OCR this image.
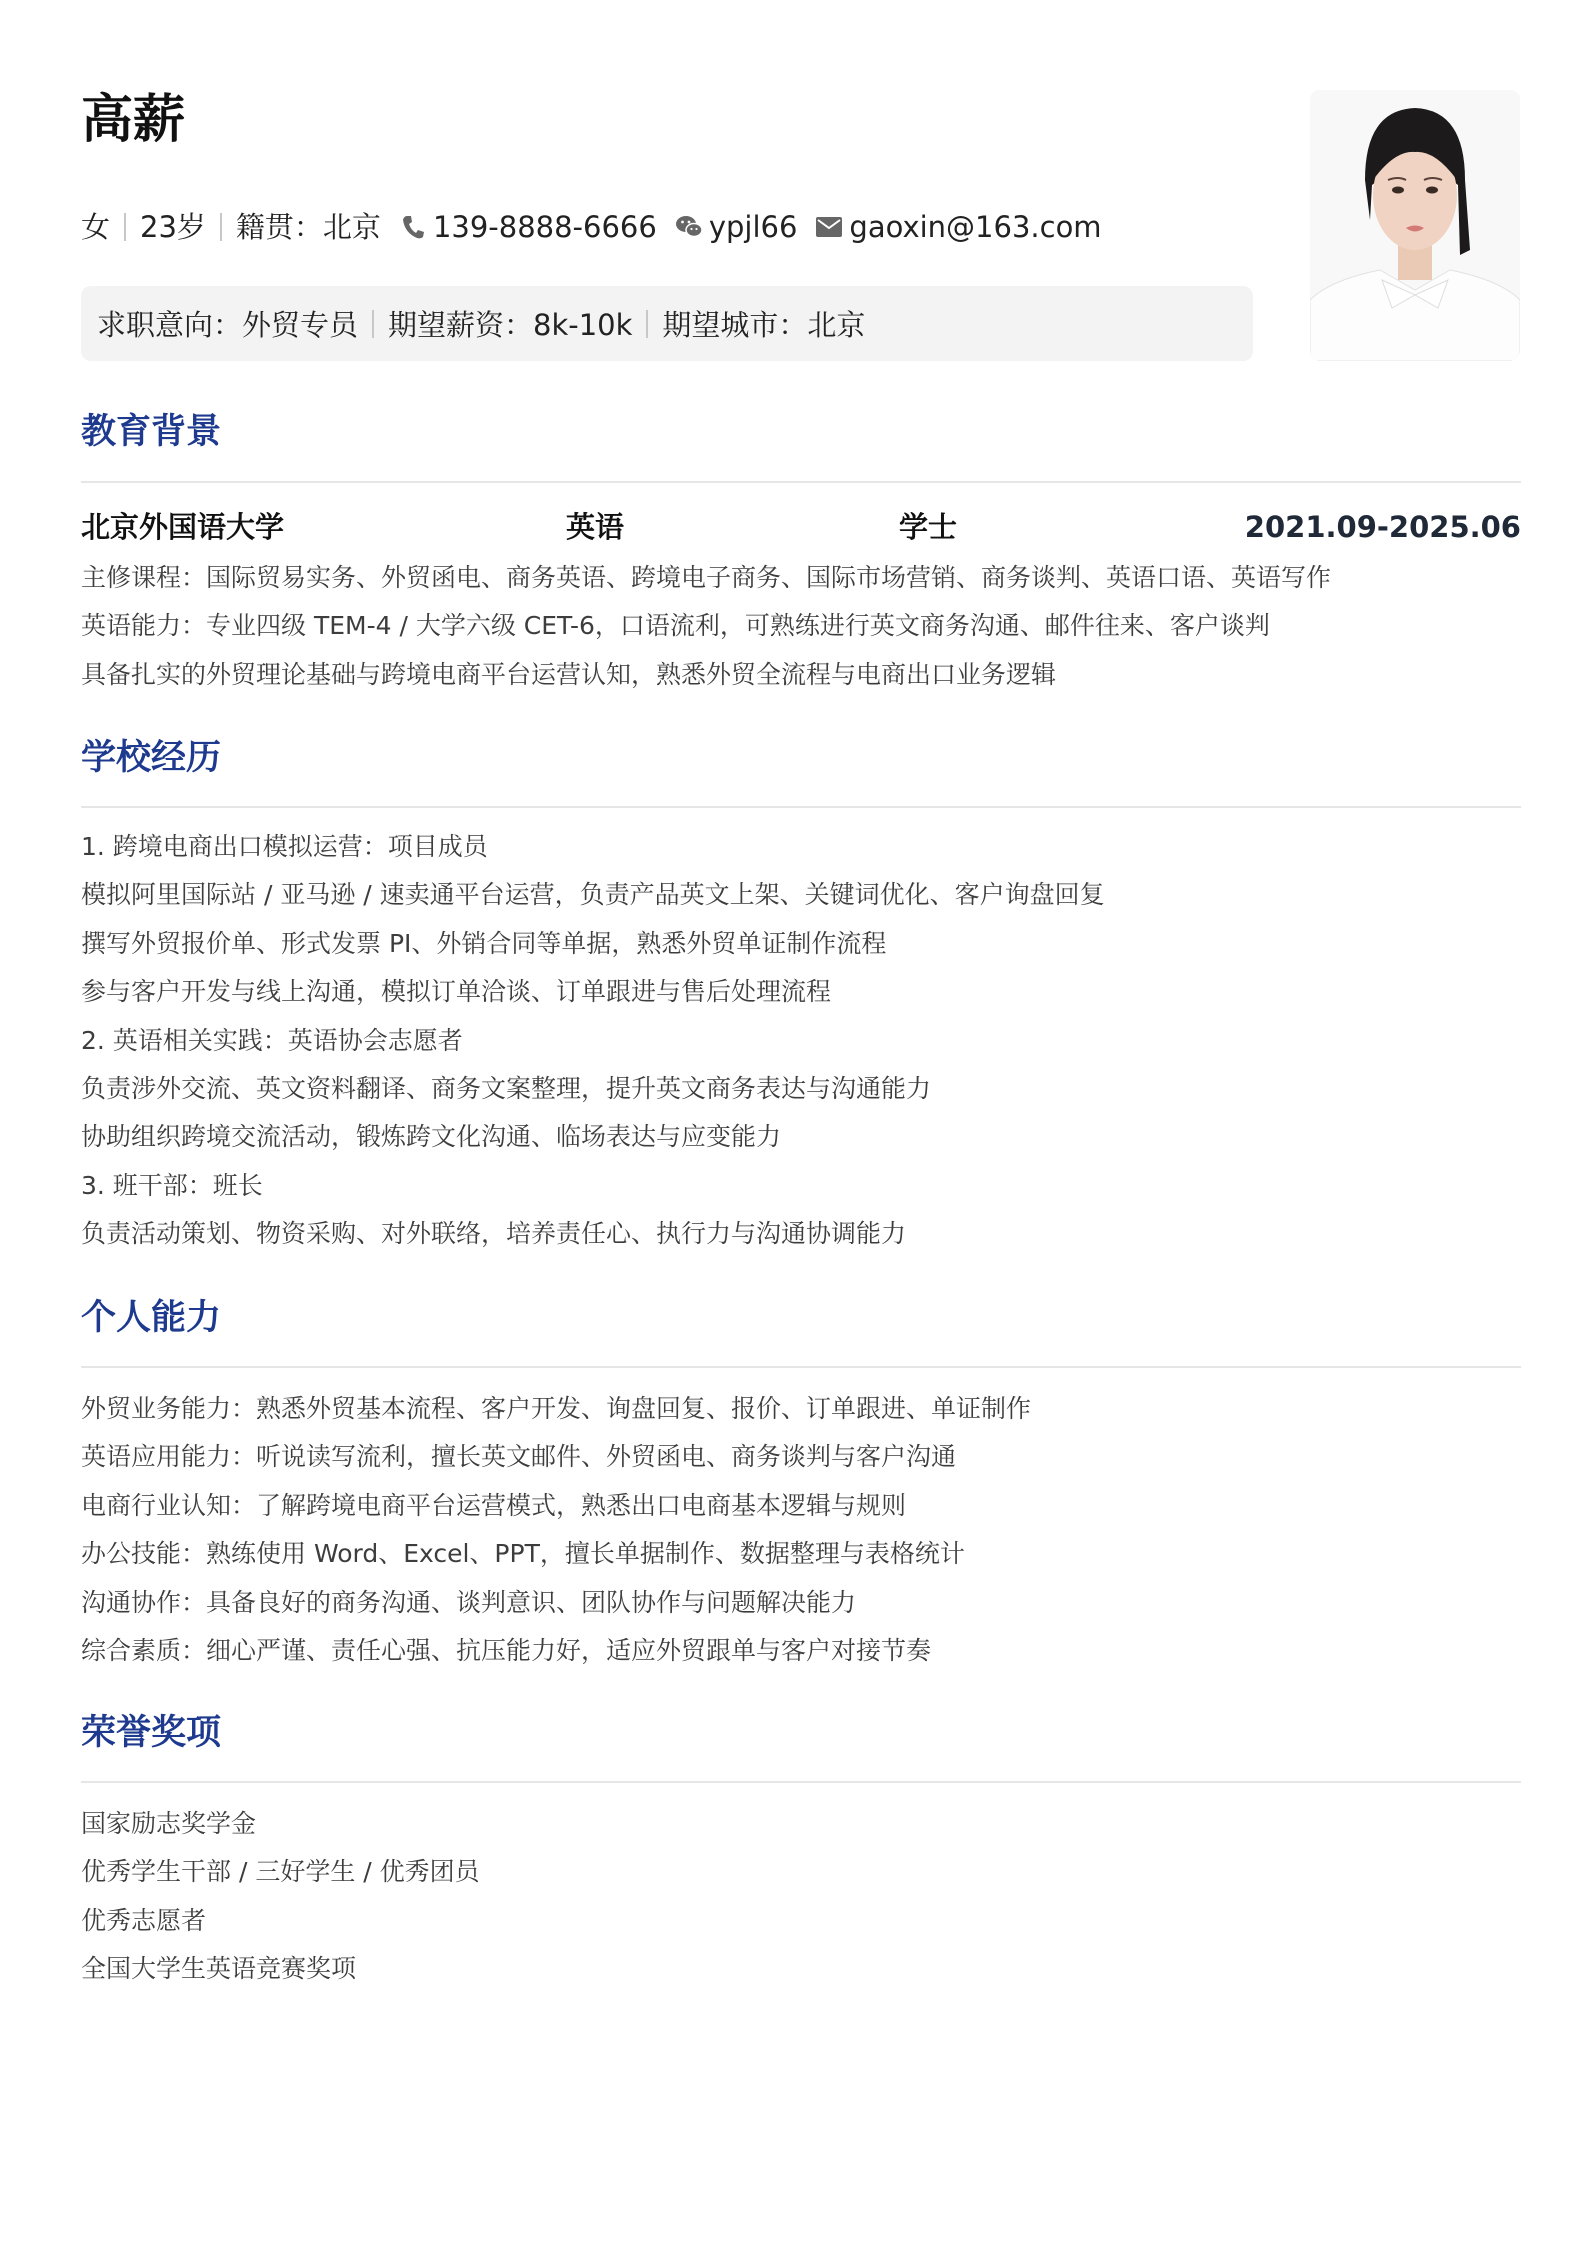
高薪
女 23岁 籍贯：北京 139-8888-6666 ypjl66 gaoxin@163.com
求职意向：外贸专员 期望薪资：8k-10k 期望城市：北京
教育背景
北京外国语大学	英语	学士	2021.09-2025.06
主修课程：国际贸易实务、外贸函电、商务英语、跨境电子商务、国际市场营销、商务谈判、英语口语、英语写作
英语能力：专业四级 TEM-4 / 大学六级 CET-6，口语流利，可熟练进行英文商务沟通、邮件往来、客户谈判
具备扎实的外贸理论基础与跨境电商平台运营认知，熟悉外贸全流程与电商出口业务逻辑
学校经历
1. 跨境电商出口模拟运营：项目成员
模拟阿里国际站 / 亚马逊 / 速卖通平台运营，负责产品英文上架、关键词优化、客户询盘回复
撰写外贸报价单、形式发票 PI、外销合同等单据，熟悉外贸单证制作流程
参与客户开发与线上沟通，模拟订单洽谈、订单跟进与售后处理流程
2. 英语相关实践：英语协会志愿者
负责涉外交流、英文资料翻译、商务文案整理，提升英文商务表达与沟通能力
协助组织跨境交流活动，锻炼跨文化沟通、临场表达与应变能力
3. 班干部：班长
负责活动策划、物资采购、对外联络，培养责任心、执行力与沟通协调能力
个人能力
外贸业务能力：熟悉外贸基本流程、客户开发、询盘回复、报价、订单跟进、单证制作
英语应用能力：听说读写流利，擅长英文邮件、外贸函电、商务谈判与客户沟通
电商行业认知：了解跨境电商平台运营模式，熟悉出口电商基本逻辑与规则
办公技能：熟练使用 Word、Excel、PPT，擅长单据制作、数据整理与表格统计
沟通协作：具备良好的商务沟通、谈判意识、团队协作与问题解决能力
综合素质：细心严谨、责任心强、抗压能力好，适应外贸跟单与客户对接节奏
荣誉奖项
国家励志奖学金
优秀学生干部 / 三好学生 / 优秀团员
优秀志愿者
全国大学生英语竞赛奖项
